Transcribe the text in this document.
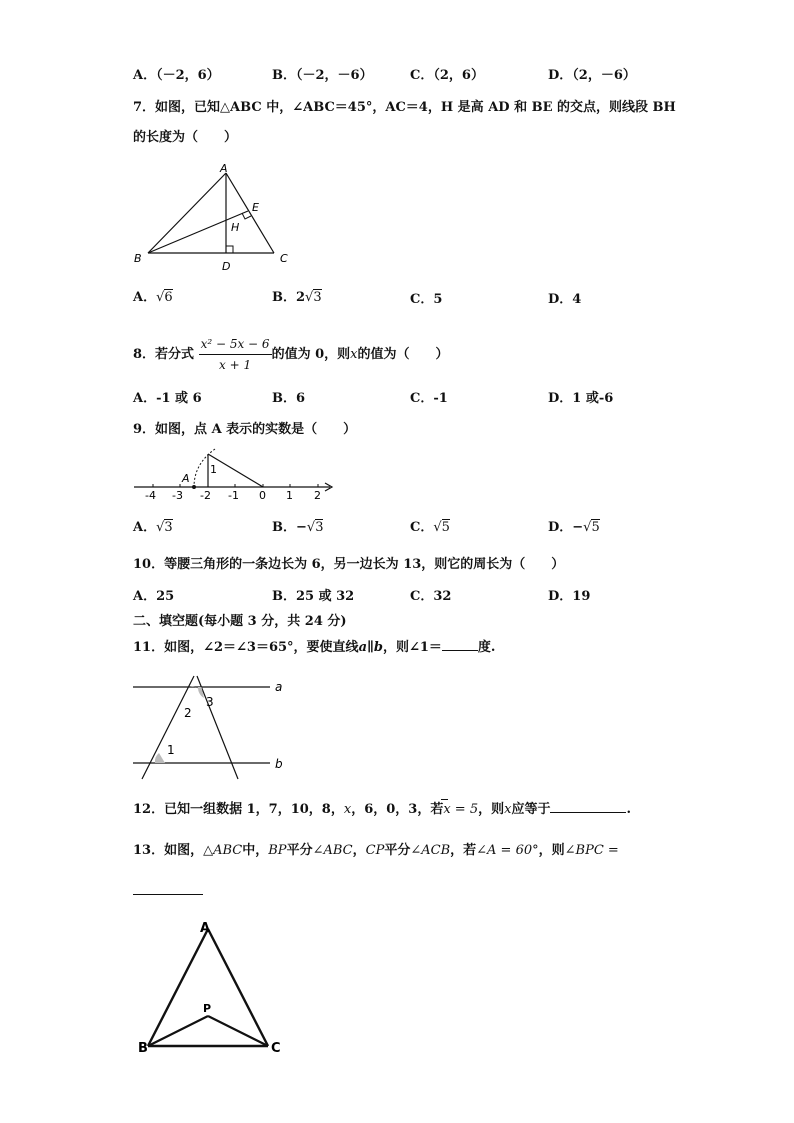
A．（－2，6）	B．（－2，－6）	C．（2，6）	D．（2，－6）
7．如图，已知△ABC 中，∠ABC＝45°，AC＝4，H 是高 AD 和 BE 的交点，则线段 BH
的长度为（　　）
A
B	C
D
E
H
A．√6	B．2√3	C．5	D．4
8．若分式 $\frac{\text{x² − 5x − 6}}{x + 1}$ 的值为 0，则x的值为（　　）
A．-1 或 6	B．6	C．-1	D．1 或-6
9．如图，点 A 表示的实数是（　　）
1
A
-4 -3 -2 -1 0 1 2
A．√3	B．−√3	C．√5	D．−√5
10．等腰三角形的一条边长为 6，另一边长为 13，则它的周长为（　　）
A．25	B．25 或 32	C．32	D．19
二、填空题(每小题 3 分，共 24 分)
11．如图，∠2＝∠3＝65°，要使直线a∥b，则∠1＝	度.
a
b
2
3
1
12．已知一组数据 1，7，10，8，x，6，0，3，若x = 5，则x应等于	.
13．如图，△ABC中，BP平分∠ABC，CP平分∠ACB，若∠A = 60°，则∠BPC =
A
B	C
P
